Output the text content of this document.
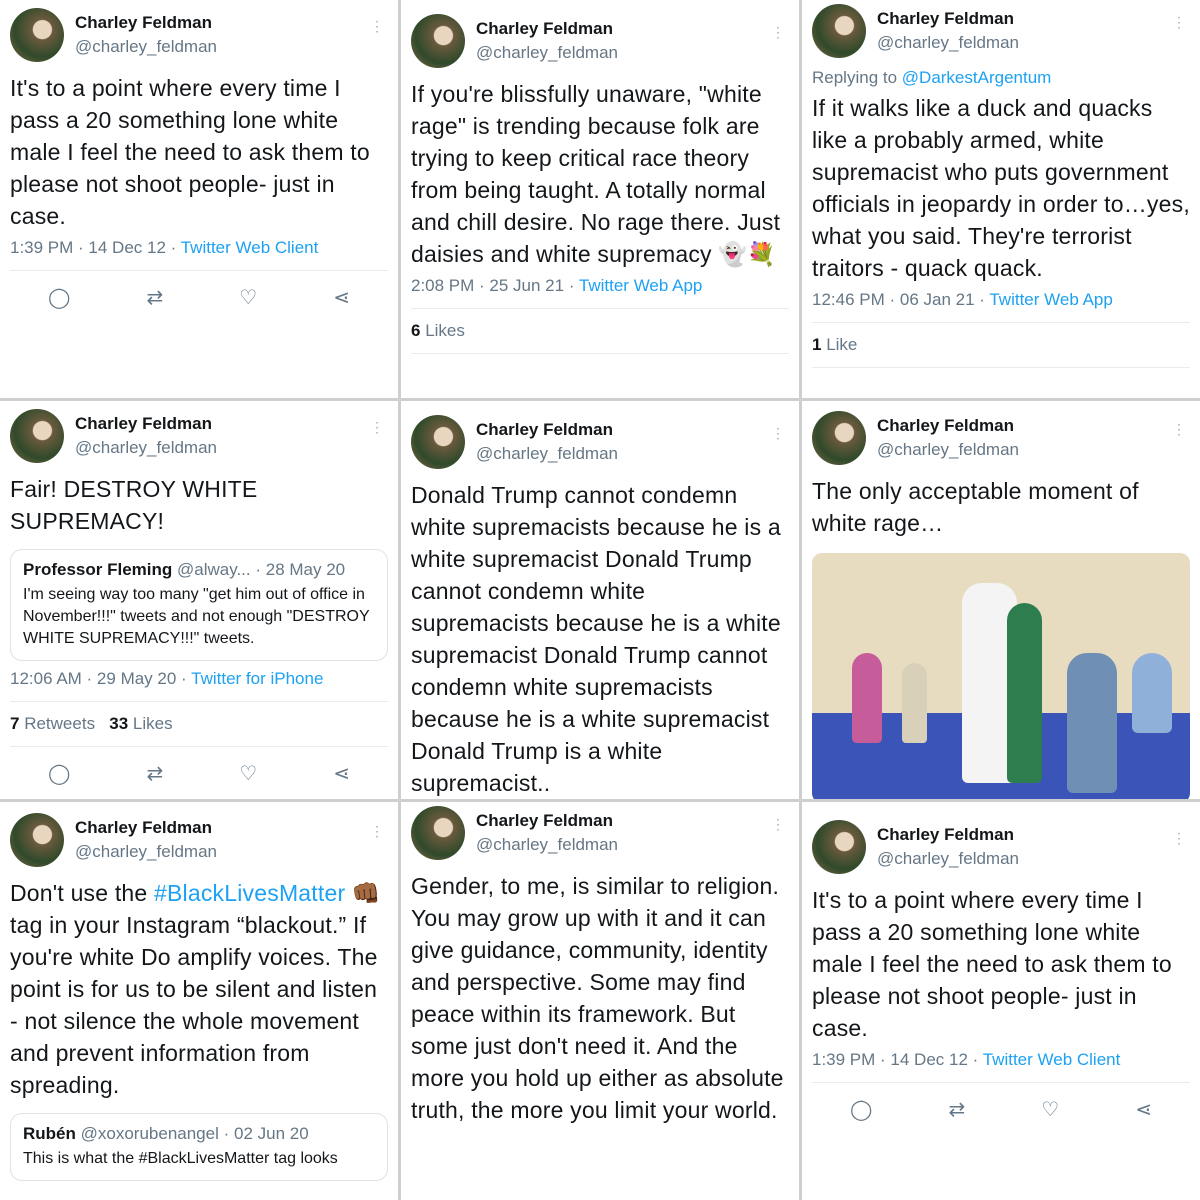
Charley Feldman
@charley_feldman
⋮
It's to a point where every time I pass a 20 something lone white male I feel the need to ask them to please not shoot people- just in case.
1:39 PM · 14 Dec 12 · Twitter Web Client
◯	⇄	♡	⋖
Charley Feldman
@charley_feldman
⋮
If you're blissfully unaware, "white rage" is trending because folk are trying to keep critical race theory from being taught. A totally normal and chill desire. No rage there. Just daisies and white supremacy 👻💐
2:08 PM · 25 Jun 21 · Twitter Web App
6 Likes
Charley Feldman
@charley_feldman
⋮
Replying to @DarkestArgentum
If it walks like a duck and quacks like a probably armed, white supremacist who puts government officials in jeopardy in order to…yes, what you said. They're terrorist traitors - quack quack.
12:46 PM · 06 Jan 21 · Twitter Web App
1 Like
Charley Feldman
@charley_feldman
⋮
Fair! DESTROY WHITE SUPREMACY!
Professor Fleming @alway... · 28 May 20
I'm seeing way too many "get him out of office in November!!!" tweets and not enough "DESTROY WHITE SUPREMACY!!!" tweets.
12:06 AM · 29 May 20 · Twitter for iPhone
7 Retweets 33 Likes
◯	⇄	♡	⋖
Charley Feldman
@charley_feldman
⋮
Donald Trump cannot condemn white supremacists because he is a white supremacist Donald Trump cannot condemn white supremacists because he is a white supremacist Donald Trump cannot condemn white supremacists because he is a white supremacist Donald Trump is a white supremacist..
Charley Feldman
@charley_feldman
⋮
The only acceptable moment of white rage…
Charley Feldman
@charley_feldman
⋮
Don't use the #BlackLivesMatter 👊🏾 tag in your Instagram “blackout.” If you're white Do amplify voices. The point is for us to be silent and listen - not silence the whole movement and prevent information from spreading.
Rubén @xoxorubenangel · 02 Jun 20
This is what the #BlackLivesMatter tag looks
Charley Feldman
@charley_feldman
⋮
Gender, to me, is similar to religion. You may grow up with it and it can give guidance, community, identity and perspective. Some may find peace within its framework. But some just don't need it. And the more you hold up either as absolute truth, the more you limit your world.
Charley Feldman
@charley_feldman
⋮
It's to a point where every time I pass a 20 something lone white male I feel the need to ask them to please not shoot people- just in case.
1:39 PM · 14 Dec 12 · Twitter Web Client
◯	⇄	♡	⋖
